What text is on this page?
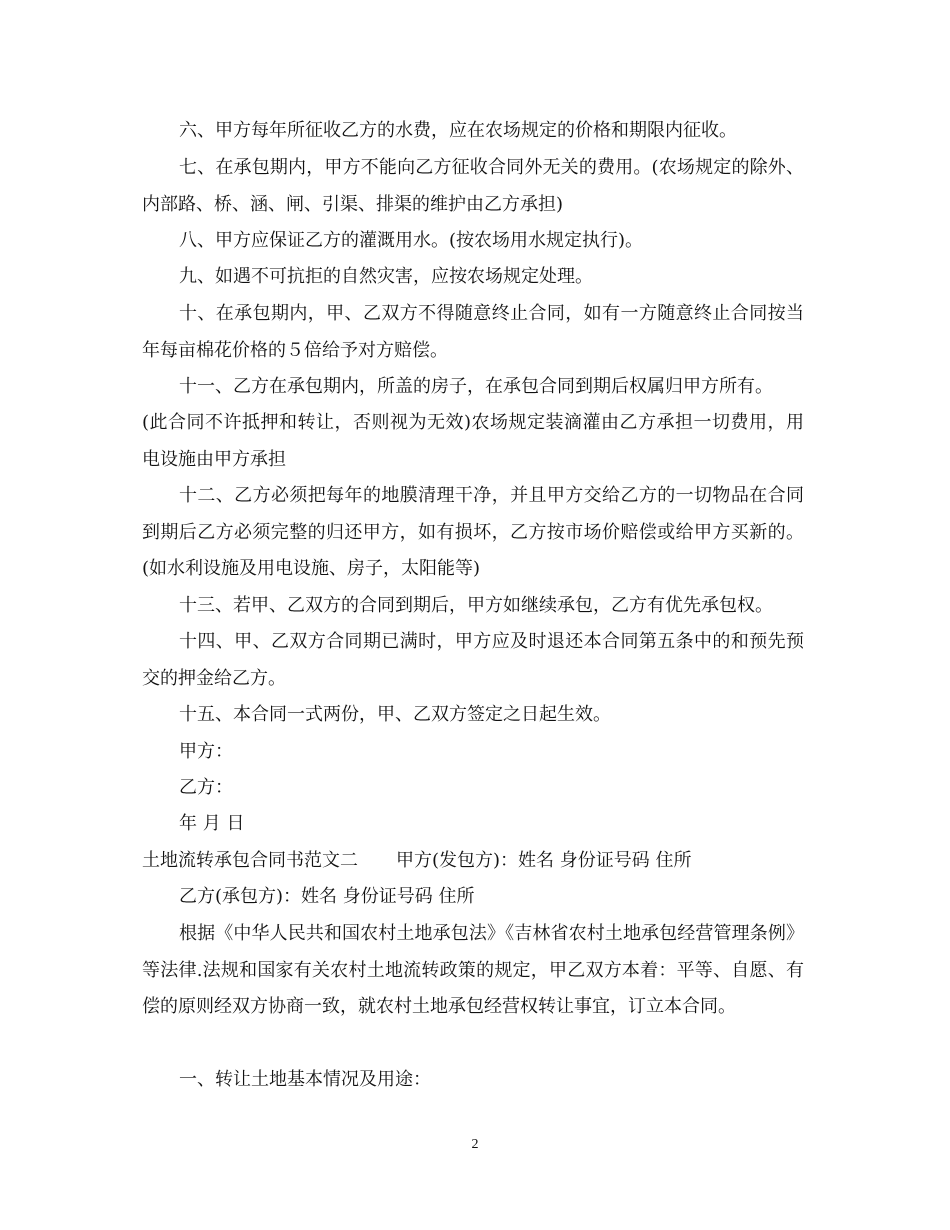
六、甲方每年所征收乙方的水费，应在农场规定的价格和期限内征收。

七、在承包期内，甲方不能向乙方征收合同外无关的费用。(农场规定的除外、内部路、桥、涵、闸、引渠、排渠的维护由乙方承担)

八、甲方应保证乙方的灌溉用水。(按农场用水规定执行)。

九、如遇不可抗拒的自然灾害，应按农场规定处理。

十、在承包期内，甲、乙双方不得随意终止合同，如有一方随意终止合同按当年每亩棉花价格的５倍给予对方赔偿。

十一、乙方在承包期内，所盖的房子，在承包合同到期后权属归甲方所有。

(此合同不许抵押和转让，否则视为无效)农场规定装滴灌由乙方承担一切费用，用电设施由甲方承担

十二、乙方必须把每年的地膜清理干净，并且甲方交给乙方的一切物品在合同到期后乙方必须完整的归还甲方，如有损坏，乙方按市场价赔偿或给甲方买新的。(如水利设施及用电设施、房子，太阳能等)

十三、若甲、乙双方的合同到期后，甲方如继续承包，乙方有优先承包权。

十四、甲、乙双方合同期已满时，甲方应及时退还本合同第五条中的和预先预交的押金给乙方。

十五、本合同一式两份，甲、乙双方签定之日起生效。

甲方：

乙方：

年 月 日

土地流转承包合同书范文二 甲方(发包方)：姓名 身份证号码 住所

乙方(承包方)：姓名 身份证号码 住所

根据《中华人民共和国农村土地承包法》《吉林省农村土地承包经营管理条例》等法律.法规和国家有关农村土地流转政策的规定，甲乙双方本着：平等、自愿、有偿的原则经双方协商一致，就农村土地承包经营权转让事宜，订立本合同。

一、转让土地基本情况及用途：

2
